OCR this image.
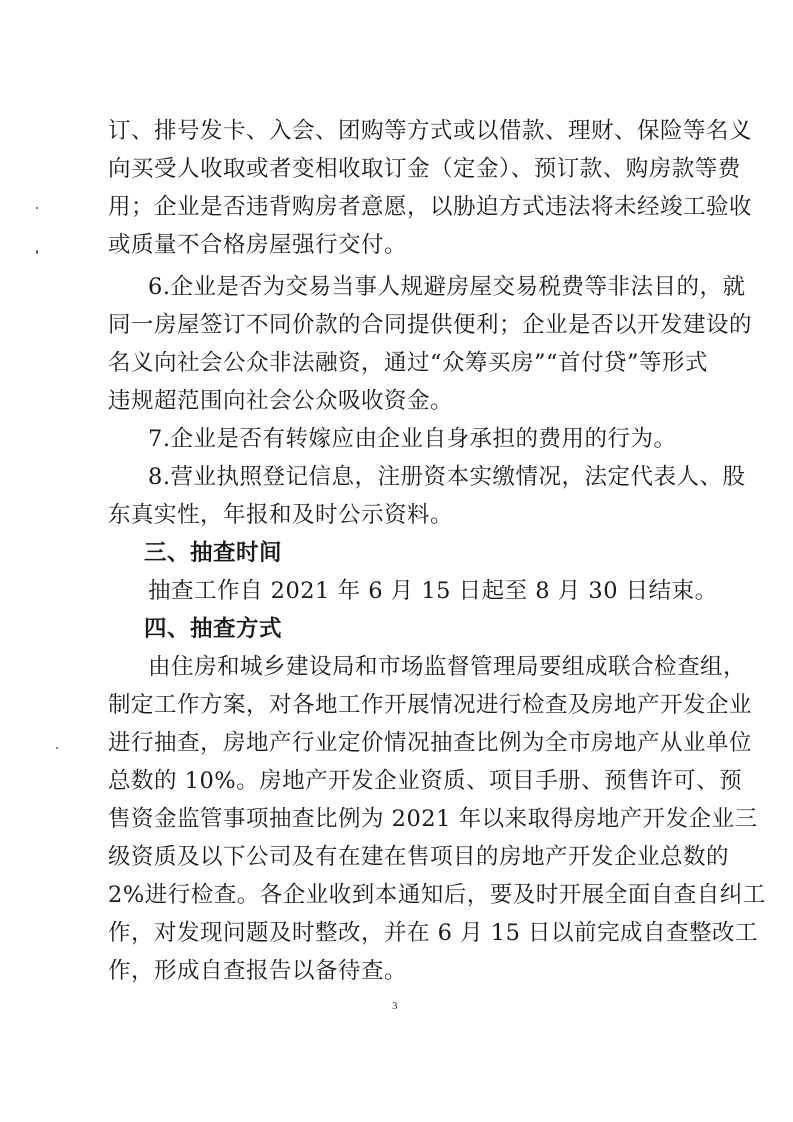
订、排号发卡、入会、团购等方式或以借款、理财、保险等名义
向买受人收取或者变相收取订金（定金）、预订款、购房款等费
用；企业是否违背购房者意愿，以胁迫方式违法将未经竣工验收
或质量不合格房屋强行交付。
6.企业是否为交易当事人规避房屋交易税费等非法目的，就
同一房屋签订不同价款的合同提供便利；企业是否以开发建设的
名义向社会公众非法融资，通过“众筹买房”“首付贷”等形式
违规超范围向社会公众吸收资金。
7.企业是否有转嫁应由企业自身承担的费用的行为。
8.营业执照登记信息，注册资本实缴情况，法定代表人、股
东真实性，年报和及时公示资料。
三、抽查时间
抽查工作自 2021 年 6 月 15 日起至 8 月 30 日结束。
四、抽查方式
由住房和城乡建设局和市场监督管理局要组成联合检查组，
制定工作方案，对各地工作开展情况进行检查及房地产开发企业
进行抽查，房地产行业定价情况抽查比例为全市房地产从业单位
总数的 10%。房地产开发企业资质、项目手册、预售许可、预
售资金监管事项抽查比例为 2021 年以来取得房地产开发企业三
级资质及以下公司及有在建在售项目的房地产开发企业总数的
2%进行检查。各企业收到本通知后，要及时开展全面自查自纠工
作，对发现问题及时整改，并在 6 月 15 日以前完成自查整改工
作，形成自查报告以备待查。
3
